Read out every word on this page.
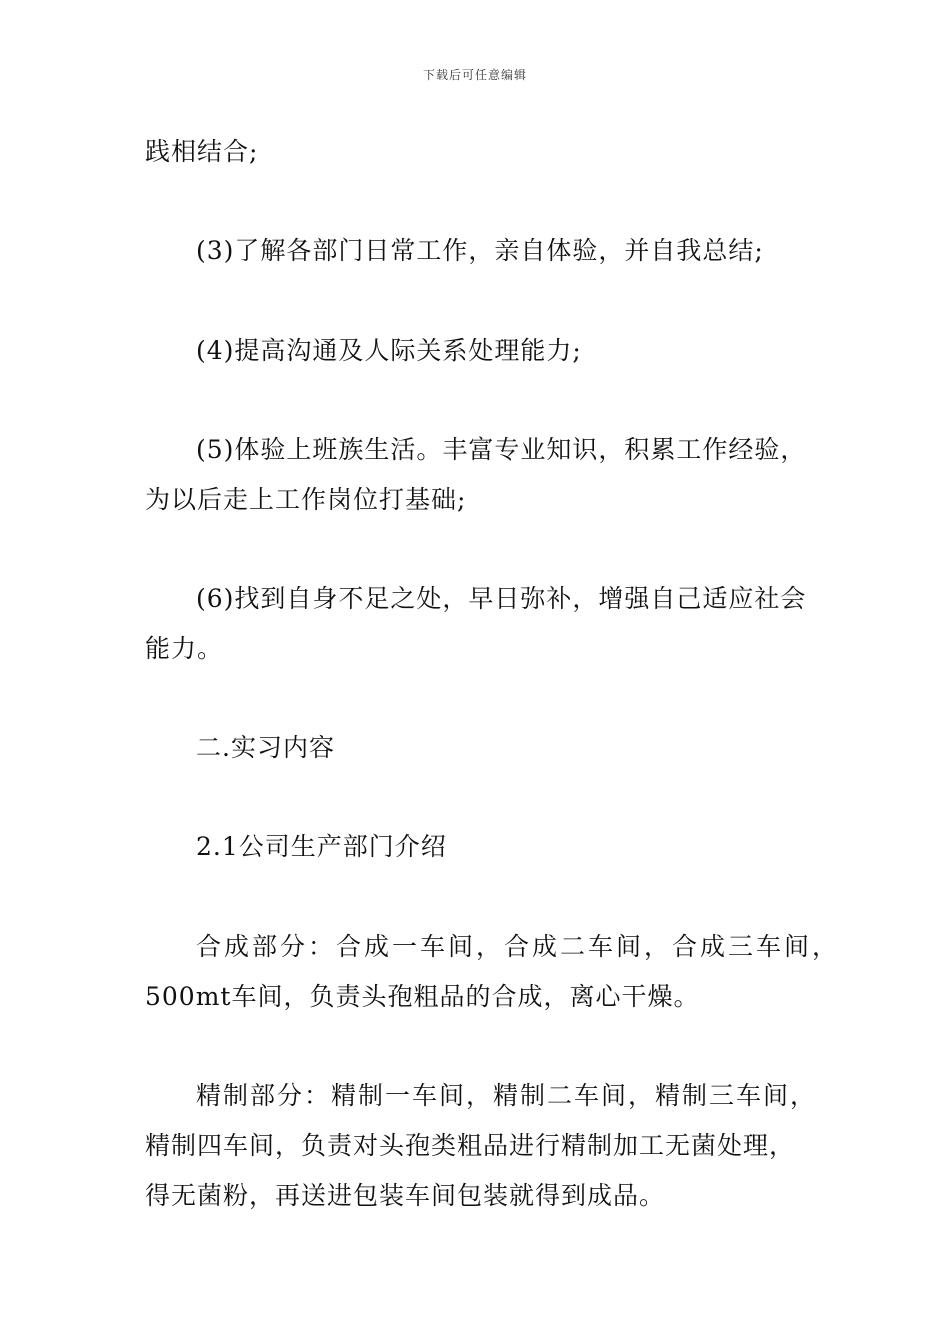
下载后可任意编辑
践相结合;
(3)了解各部门日常工作，亲自体验，并自我总结;
(4)提高沟通及人际关系处理能力;
(5)体验上班族生活。丰富专业知识，积累工作经验，
为以后走上工作岗位打基础;
(6)找到自身不足之处，早日弥补，增强自己适应社会
能力。
二.实习内容
2.1公司生产部门介绍
合成部分：合成一车间，合成二车间，合成三车间，
500mt车间，负责头孢粗品的合成，离心干燥。
精制部分：精制一车间，精制二车间，精制三车间，
精制四车间，负责对头孢类粗品进行精制加工无菌处理，
得无菌粉，再送进包装车间包装就得到成品。
